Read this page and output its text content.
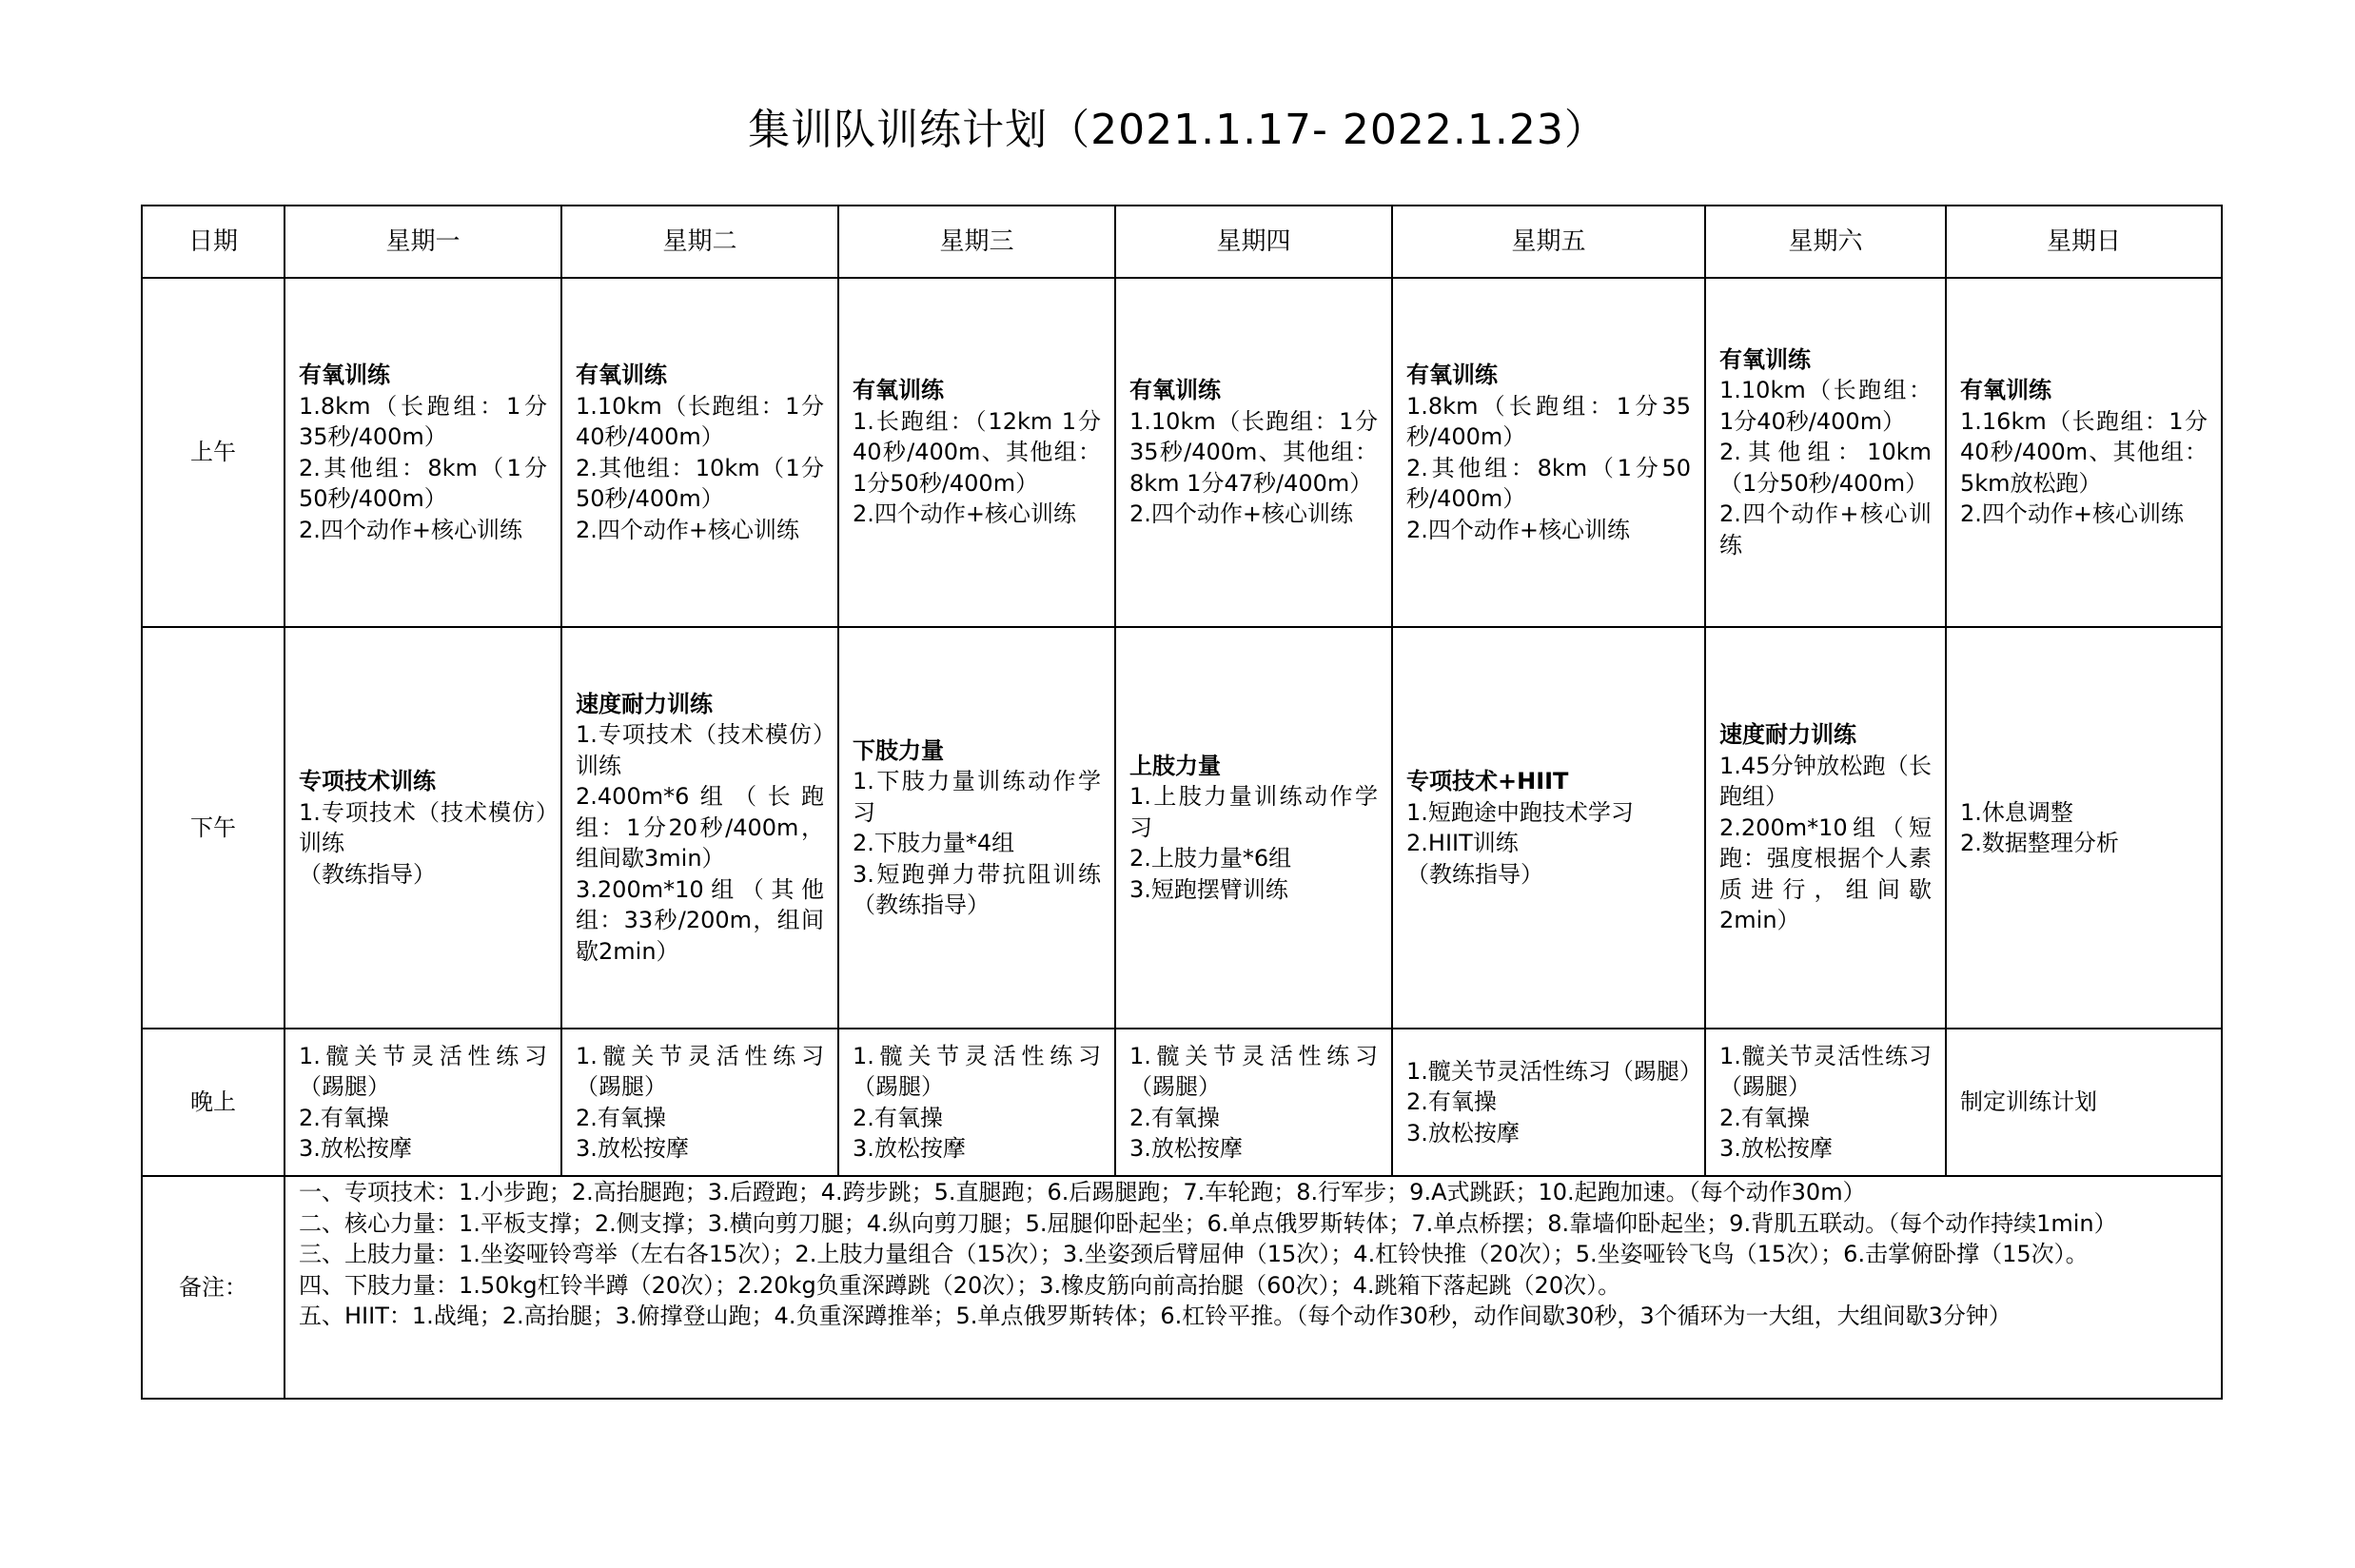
集训队训练计划（2021.1.17- 2022.1.23）
日期	星期一	星期二	星期三	星期四	星期五	星期六	星期日
上午	有氧训练
1.8km（长跑组：1分35秒/400m）
2.其他组：8km（1分50秒/400m）
2.四个动作+核心训练	有氧训练
1.10km（长跑组：1分40秒/400m）
2.其他组：10km（1分50秒/400m）
2.四个动作+核心训练	有氧训练
1.长跑组：（12km 1分40秒/400m、其他组：1分50秒/400m）
2.四个动作+核心训练	有氧训练
1.10km（长跑组：1分35秒/400m、其他组：8km 1分47秒/400m）
2.四个动作+核心训练	有氧训练
1.8km（长跑组：1分35秒/400m）
2.其他组：8km（1分50秒/400m）
2.四个动作+核心训练	有氧训练
1.10km（长跑组：1分40秒/400m）
2.其他组：10km（1分50秒/400m）
2.四个动作+核心训练	有氧训练
1.16km（长跑组：1分40秒/400m、其他组：5km放松跑）
2.四个动作+核心训练

下午	专项技术训练
1.专项技术（技术模仿）训练
（教练指导）	速度耐力训练
1.专项技术（技术模仿）训练
2.400m*6组（长跑组：1分20秒/400m，组间歇3min）
3.200m*10组（其他组：33秒/200m，组间歇2min）	下肢力量
1.下肢力量训练动作学习
2.下肢力量*4组
3.短跑弹力带抗阻训练（教练指导）	上肢力量
1.上肢力量训练动作学习
2.上肢力量*6组
3.短跑摆臂训练	专项技术+HIIT
1.短跑途中跑技术学习
2.HIIT训练
（教练指导）	速度耐力训练
1.45分钟放松跑（长跑组）
2.200m*10组（短跑：强度根据个人素质进行，组间歇2min）	1.休息调整
2.数据整理分析

晚上	1.髋关节灵活性练习（踢腿）
2.有氧操
3.放松按摩	1.髋关节灵活性练习（踢腿）
2.有氧操
3.放松按摩	1.髋关节灵活性练习（踢腿）
2.有氧操
3.放松按摩	1.髋关节灵活性练习（踢腿）
2.有氧操
3.放松按摩	1.髋关节灵活性练习（踢腿）
2.有氧操
3.放松按摩	1.髋关节灵活性练习（踢腿）
2.有氧操
3.放松按摩	制定训练计划

备注：	一、专项技术：1.小步跑；2.高抬腿跑；3.后蹬跑；4.跨步跳；5.直腿跑；6.后踢腿跑；7.车轮跑；8.行军步；9.A式跳跃；10.起跑加速。（每个动作30m）
二、核心力量：1.平板支撑；2.侧支撑；3.横向剪刀腿；4.纵向剪刀腿；5.屈腿仰卧起坐；6.单点俄罗斯转体；7.单点桥摆；8.靠墙仰卧起坐；9.背肌五联动。（每个动作持续1min）
三、上肢力量：1.坐姿哑铃弯举（左右各15次）；2.上肢力量组合（15次）；3.坐姿颈后臂屈伸（15次）；4.杠铃快推（20次）；5.坐姿哑铃飞鸟（15次）；6.击掌俯卧撑（15次）。
四、下肢力量：1.50kg杠铃半蹲（20次）；2.20kg负重深蹲跳（20次）；3.橡皮筋向前高抬腿（60次）；4.跳箱下落起跳（20次）。
五、HIIT：1.战绳；2.高抬腿；3.俯撑登山跑；4.负重深蹲推举；5.单点俄罗斯转体；6.杠铃平推。（每个动作30秒，动作间歇30秒，3个循环为一大组，大组间歇3分钟）						
